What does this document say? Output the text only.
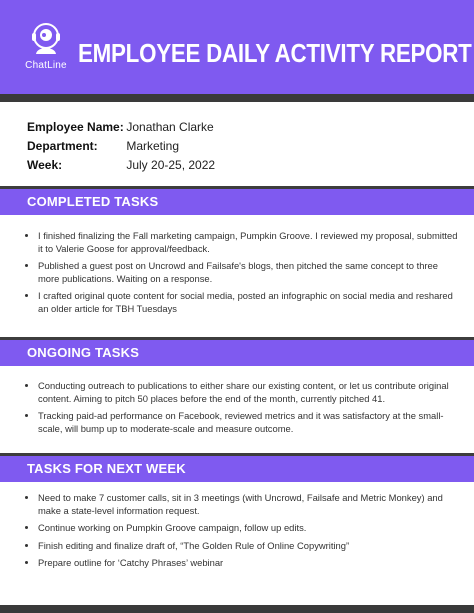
ChatLine EMPLOYEE DAILY ACTIVITY REPORT
Employee Name: Jonathan Clarke
Department: Marketing
Week:	July 20-25, 2022
COMPLETED TASKS
• I finished finalizing the Fall marketing campaign, Pumpkin Groove. I reviewed my proposal, submitted it to Valerie Goose for approval/feedback.
• Published a guest post on Uncrowd and Failsafe's blogs, then pitched the same concept to three more publications. Waiting on a response.
• I crafted original quote content for social media, posted an infographic on social media and reshared an older article for TBH Tuesdays
ONGOING TASKS
• Conducting outreach to publications to either share our existing content, or let us contribute original content. Aiming to pitch 50 places before the end of the month, currently pitched 41.
• Tracking paid-ad performance on Facebook, reviewed metrics and it was satisfactory at the small-scale, will bump up to moderate-scale and measure outcome.
TASKS FOR NEXT WEEK
• Need to make 7 customer calls, sit in 3 meetings (with Uncrowd, Failsafe and Metric Monkey) and make a state-level information request.
• Continue working on Pumpkin Groove campaign, follow up edits.
• Finish editing and finalize draft of, “The Golden Rule of Online Copywriting”
• Prepare outline for ‘Catchy Phrases’ webinar
